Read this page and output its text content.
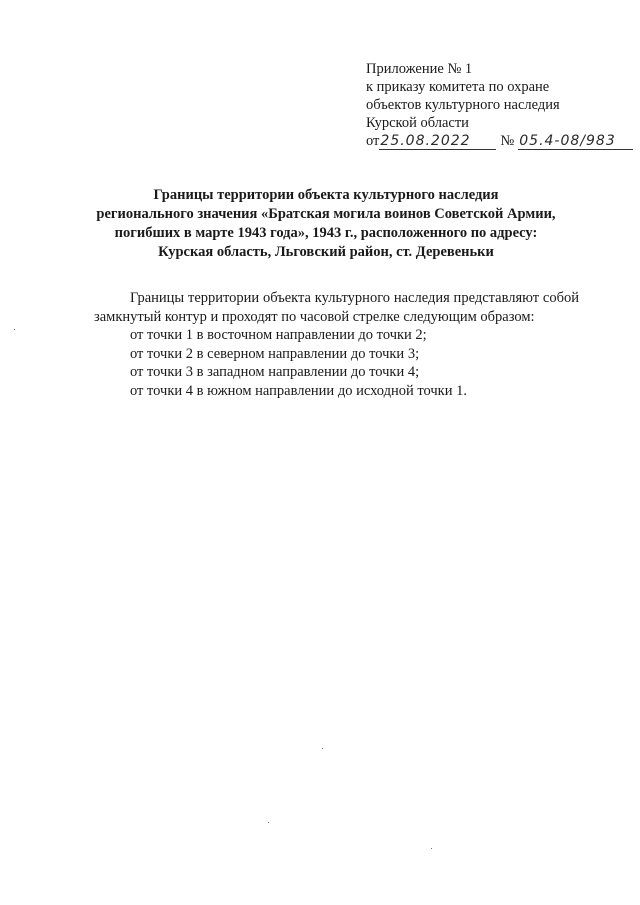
Приложение № 1
к приказу комитета по охране
объектов культурного наследия
Курской области
от25.08.2022 № 05.4-08/983
Границы территории объекта культурного наследия
регионального значения «Братская могила воинов Советской Армии,
погибших в марте 1943 года», 1943 г., расположенного по адресу:
Курская область, Льговский район, ст. Деревеньки

Границы территории объекта культурного наследия представляют собой замкнутый контур и проходят по часовой стрелке следующим образом:

от точки 1 в восточном направлении до точки 2;

от точки 2 в северном направлении до точки 3;

от точки 3 в западном направлении до точки 4;

от точки 4 в южном направлении до исходной точки 1.
